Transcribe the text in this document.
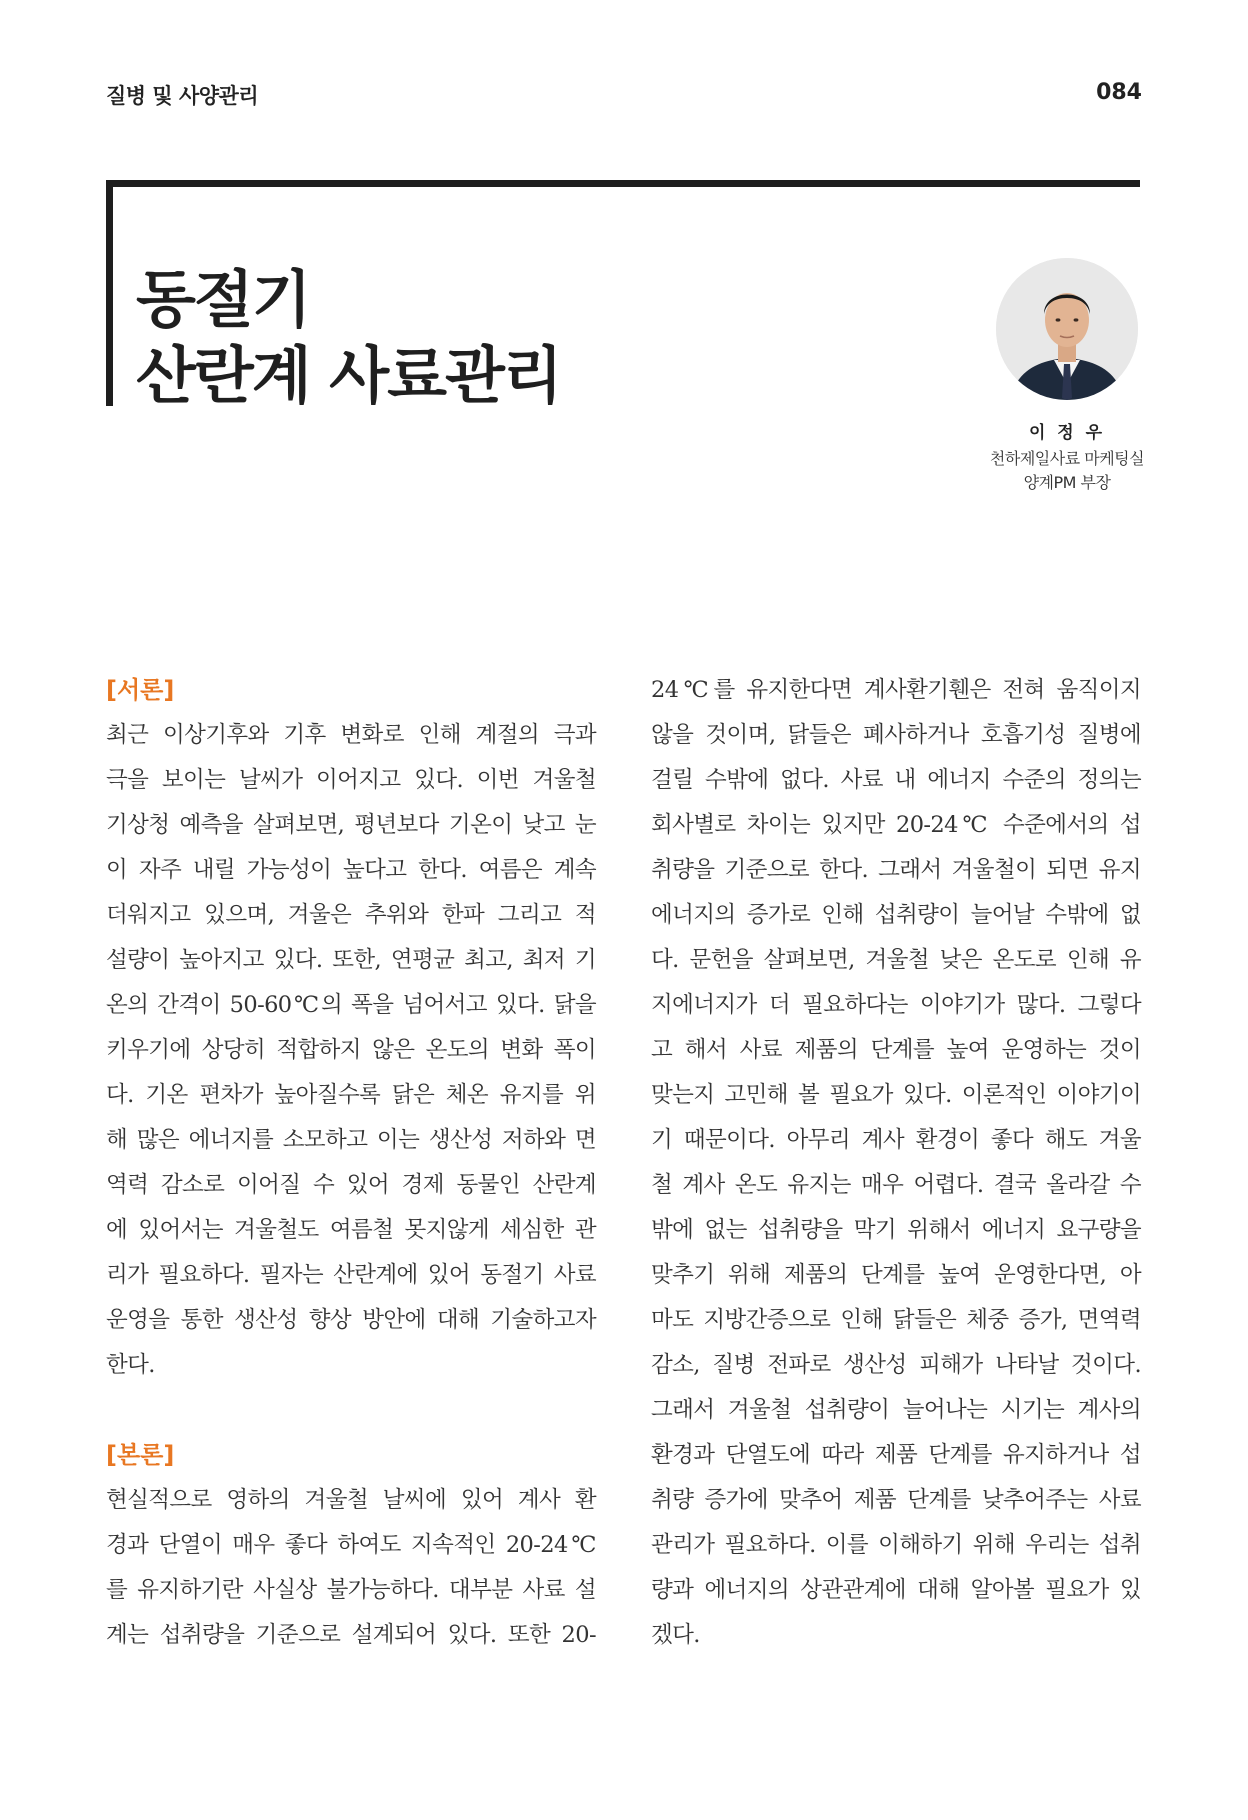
질병 및 사양관리	084
동절기
산란계 사료관리
이 정 우
천하제일사료 마케팅실
양계PM 부장
[서론]
최근 이상기후와 기후 변화로 인해 계절의 극과
극을 보이는 날씨가 이어지고 있다. 이번 겨울철
기상청 예측을 살펴보면, 평년보다 기온이 낮고 눈
이 자주 내릴 가능성이 높다고 한다. 여름은 계속
더워지고 있으며, 겨울은 추위와 한파 그리고 적
설량이 높아지고 있다. 또한, 연평균 최고, 최저 기
온의 간격이 50-60℃의 폭을 넘어서고 있다. 닭을
키우기에 상당히 적합하지 않은 온도의 변화 폭이
다. 기온 편차가 높아질수록 닭은 체온 유지를 위
해 많은 에너지를 소모하고 이는 생산성 저하와 면
역력 감소로 이어질 수 있어 경제 동물인 산란계
에 있어서는 겨울철도 여름철 못지않게 세심한 관
리가 필요하다. 필자는 산란계에 있어 동절기 사료
운영을 통한 생산성 향상 방안에 대해 기술하고자
한다.
[본론]
현실적으로 영하의 겨울철 날씨에 있어 계사 환
경과 단열이 매우 좋다 하여도 지속적인 20-24℃
를 유지하기란 사실상 불가능하다. 대부분 사료 설
계는 섭취량을 기준으로 설계되어 있다. 또한 20-
24℃를 유지한다면 계사환기휀은 전혀 움직이지
않을 것이며, 닭들은 폐사하거나 호흡기성 질병에
걸릴 수밖에 없다. 사료 내 에너지 수준의 정의는
회사별로 차이는 있지만 20-24℃ 수준에서의 섭
취량을 기준으로 한다. 그래서 겨울철이 되면 유지
에너지의 증가로 인해 섭취량이 늘어날 수밖에 없
다. 문헌을 살펴보면, 겨울철 낮은 온도로 인해 유
지에너지가 더 필요하다는 이야기가 많다. 그렇다
고 해서 사료 제품의 단계를 높여 운영하는 것이
맞는지 고민해 볼 필요가 있다. 이론적인 이야기이
기 때문이다. 아무리 계사 환경이 좋다 해도 겨울
철 계사 온도 유지는 매우 어렵다. 결국 올라갈 수
밖에 없는 섭취량을 막기 위해서 에너지 요구량을
맞추기 위해 제품의 단계를 높여 운영한다면, 아
마도 지방간증으로 인해 닭들은 체중 증가, 면역력
감소, 질병 전파로 생산성 피해가 나타날 것이다.
그래서 겨울철 섭취량이 늘어나는 시기는 계사의
환경과 단열도에 따라 제품 단계를 유지하거나 섭
취량 증가에 맞추어 제품 단계를 낮추어주는 사료
관리가 필요하다. 이를 이해하기 위해 우리는 섭취
량과 에너지의 상관관계에 대해 알아볼 필요가 있
겠다.
